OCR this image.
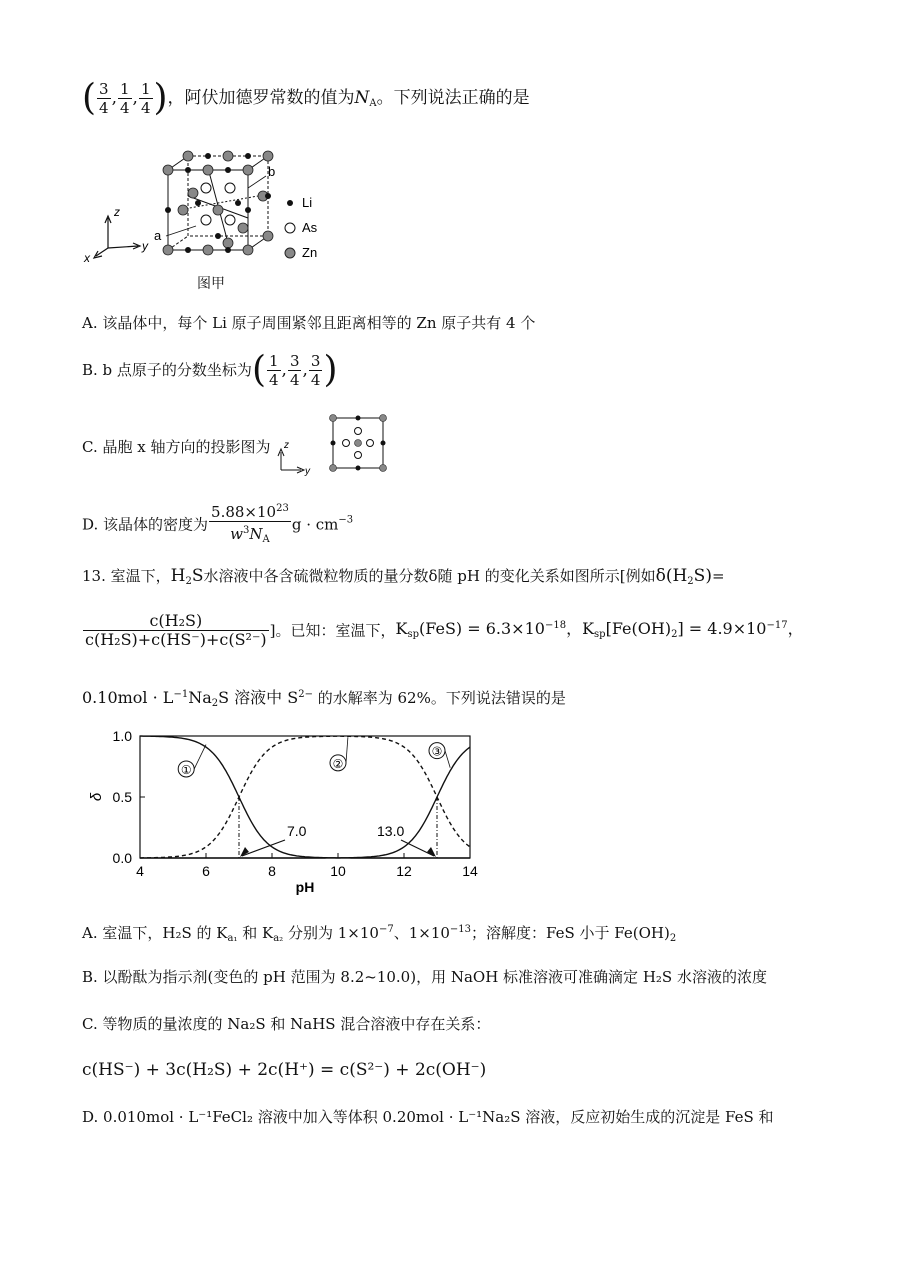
( $\frac{3}{4}$ , $\frac{1}{4}$ , $\frac{1}{4}$ )，阿伏加德罗常数的值为$N_A$。下列说法正确的是
z
y
x
b
a
Li
As
Zn
图甲
A. 该晶体中，每个 Li 原子周围紧邻且距离相等的 Zn 原子共有 4 个
B. b 点原子的分数坐标为( $\frac{1}{4}$ , $\frac{3}{4}$ , $\frac{3}{4}$ )
C. 晶胞 x 轴方向的投影图为 z
y
D. 该晶体的密度为 $\frac{5.88\times 10^{23}}{w^3N_A}$ $g \cdot cm^{-3}$
13. 室温下，$H_2S$水溶液中各含硫微粒物质的量分数δ随 pH 的变化关系如图所示[例如$\delta(H_2S)=$
$\frac{\text{c(H₂S)}}{\text{c(H₂S)+c(HS⁻)+c(S²⁻)}}$ ]。已知：室温下，$K_{sp}(FeS) = 6.3\times 10^{-18}$，$K_{sp}[Fe(OH)_2] = 4.9\times 10^{-17}$，
$0.10mol \cdot L^{-1}Na_2S$ 溶液中 $S^{2-}$ 的水解率为 62%。下列说法错误的是
4	6	8	10	12	14
0.0
0.5
1.0
pH
δ
①	②
③
7.0	13.0
A. 室温下，H₂S 的 $K_{a_1}$ 和 $K_{a_2}$ 分别为 $1\times 10^{-7}$、$1\times 10^{-13}$；溶解度：FeS 小于 $Fe(OH)_2$
B. 以酚酞为指示剂(变色的 pH 范围为 8.2~10.0)，用 NaOH 标准溶液可准确滴定 H₂S 水溶液的浓度
C. 等物质的量浓度的 Na₂S 和 NaHS 混合溶液中存在关系：
c(HS⁻) + 3c(H₂S) + 2c(H⁺) = c(S²⁻) + 2c(OH⁻)
D. 0.010mol · L⁻¹FeCl₂ 溶液中加入等体积 0.20mol · L⁻¹Na₂S 溶液，反应初始生成的沉淀是 FeS 和
